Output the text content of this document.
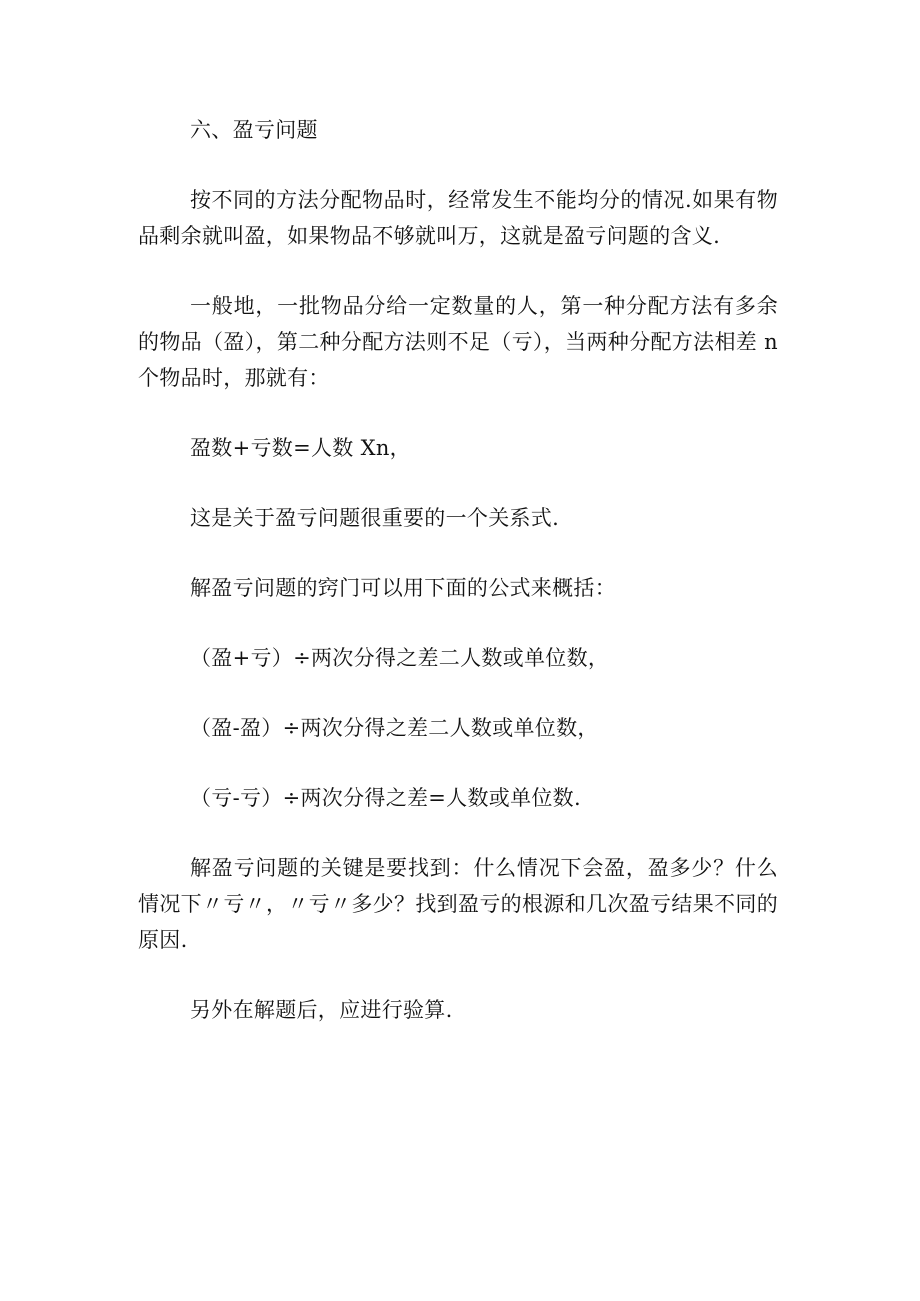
六、盈亏问题

按不同的方法分配物品时，经常发生不能均分的情况.如果有物品剩余就叫盈，如果物品不够就叫万，这就是盈亏问题的含义.

一般地，一批物品分给一定数量的人，第一种分配方法有多余的物品（盈），第二种分配方法则不足（亏），当两种分配方法相差 n 个物品时，那就有：

盈数+亏数=人数 Xn，

这是关于盈亏问题很重要的一个关系式.

解盈亏问题的窍门可以用下面的公式来概括：

（盈+亏）÷两次分得之差二人数或单位数，

（盈-盈）÷两次分得之差二人数或单位数，

（亏-亏）÷两次分得之差=人数或单位数.

解盈亏问题的关键是要找到：什么情况下会盈，盈多少？什么情况下〃亏〃，〃亏〃多少？找到盈亏的根源和几次盈亏结果不同的原因.

另外在解题后，应进行验算.
